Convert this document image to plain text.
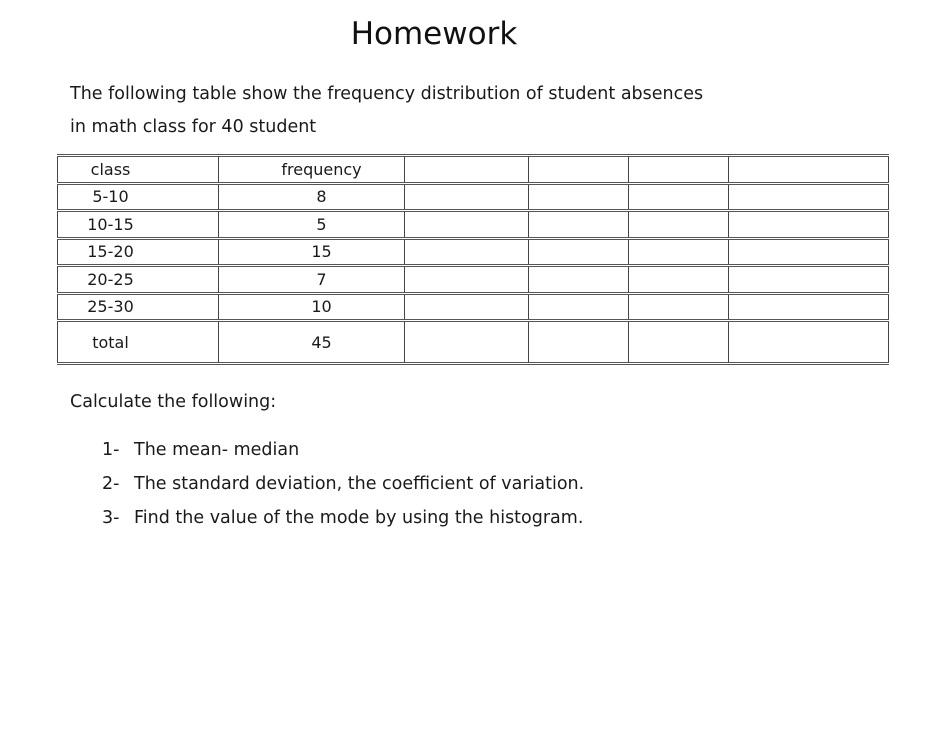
Homework
The following table show the frequency distribution of student absences
in math class for 40 student
class	frequency				
5-10	8				
10-15	5				
15-20	15				
20-25	7				
25-30	10				
total	45				
Calculate the following:
1- The mean- median
2- The standard deviation, the coefficient of variation.
3- Find the value of the mode by using the histogram.
